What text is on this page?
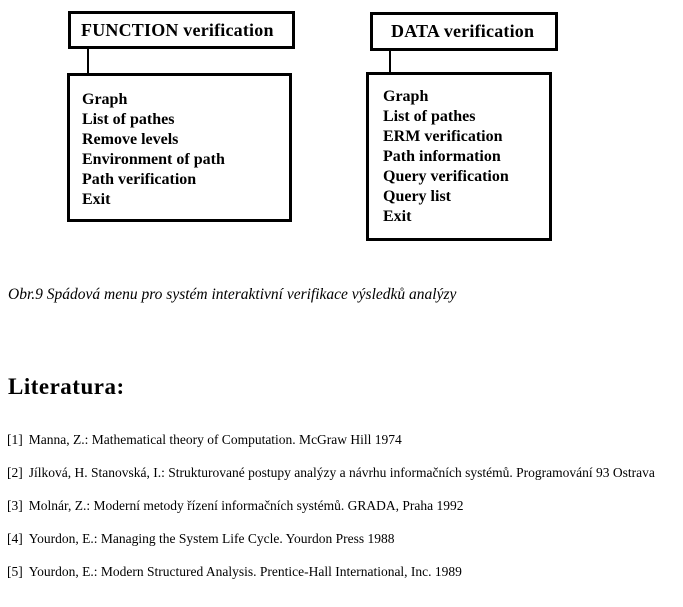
FUNCTION verification
Graph
List of pathes
Remove levels
Environment of path
Path verification
Exit
DATA verification
Graph
List of pathes
ERM verification
Path information
Query verification
Query list
Exit
Obr.9 Spádová menu pro systém interaktivní verifikace výsledků analýzy
Literatura:
[1] Manna, Z.: Mathematical theory of Computation. McGraw Hill 1974
[2] Jílková, H. Stanovská, I.: Strukturované postupy analýzy a návrhu informačních systémů. Programování 93 Ostrava
[3] Molnár, Z.: Moderní metody řízení informačních systémů. GRADA, Praha 1992
[4] Yourdon, E.: Managing the System Life Cycle. Yourdon Press 1988
[5] Yourdon, E.: Modern Structured Analysis. Prentice-Hall International, Inc. 1989
